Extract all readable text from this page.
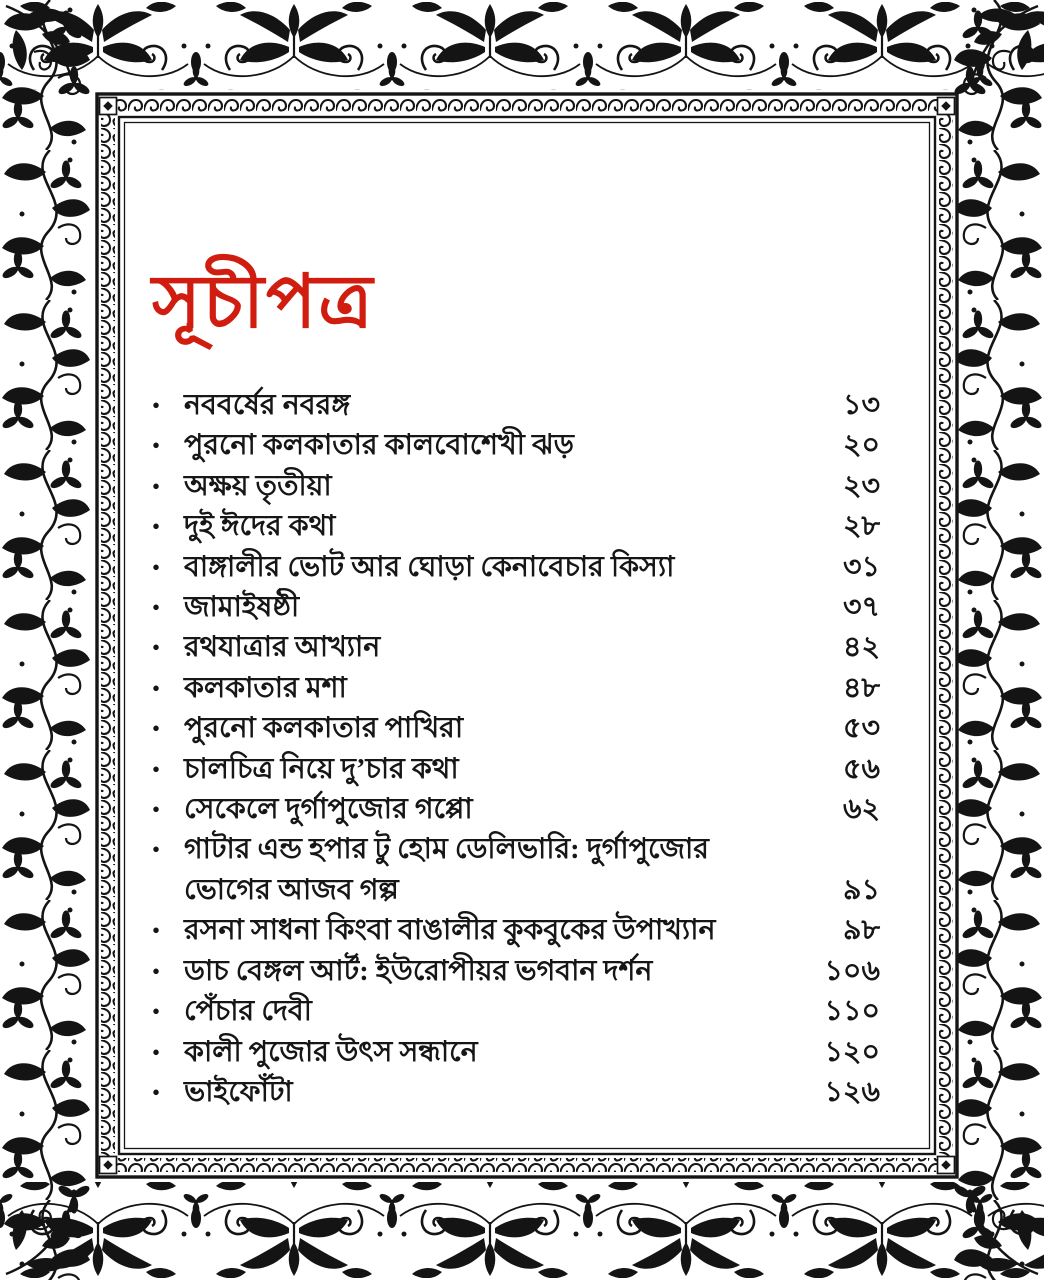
সূচীপত্র
• নববর্ষের নবরঙ্গ	১৩
• পুরনো কলকাতার কালবোশেখী ঝড়	২০
• অক্ষয় তৃতীয়া	২৩
• দুই ঈদের কথা	২৮
• বাঙ্গালীর ভোট আর ঘোড়া কেনাবেচার কিস্যা	৩১
• জামাইষষ্ঠী	৩৭
• রথযাত্রার আখ্যান	৪২
• কলকাতার মশা	৪৮
• পুরনো কলকাতার পাখিরা	৫৩
• চালচিত্র নিয়ে দু’চার কথা	৫৬
• সেকেলে দুর্গাপুজোর গপ্পো	৬২
• গাটার এন্ড হপার টু হোম ডেলিভারি: দুর্গাপুজোর
ভোগের আজব গল্প	৯১
• রসনা সাধনা কিংবা বাঙালীর কুকবুকের উপাখ্যান	৯৮
• ডাচ বেঙ্গল আর্ট: ইউরোপীয়র ভগবান দর্শন	১০৬
• পেঁচার দেবী	১১০
• কালী পুজোর উৎস সন্ধানে	১২০
• ভাইফোঁটা	১২৬
